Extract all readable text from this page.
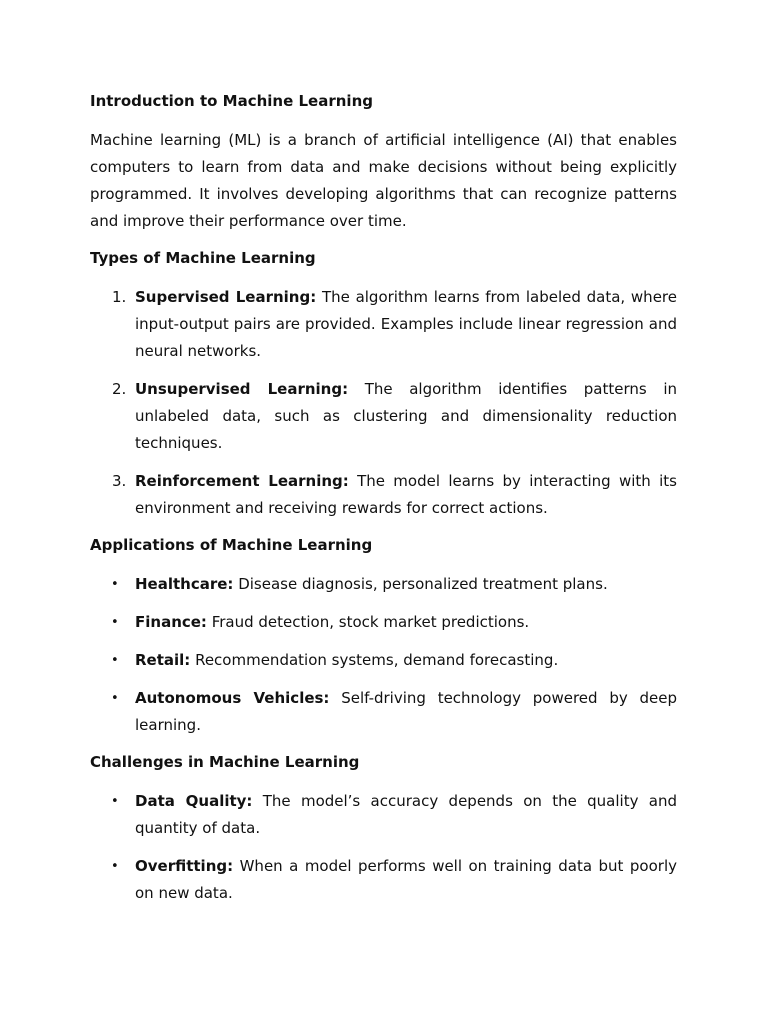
Introduction to Machine Learning

Machine learning (ML) is a branch of artificial intelligence (AI) that enables computers to learn from data and make decisions without being explicitly programmed. It involves developing algorithms that can recognize patterns and improve their performance over time.

Types of Machine Learning
1. Supervised Learning: The algorithm learns from labeled data, where input-output pairs are provided. Examples include linear regression and neural networks.
2. Unsupervised Learning: The algorithm identifies patterns in unlabeled data, such as clustering and dimensionality reduction techniques.
3. Reinforcement Learning: The model learns by interacting with its environment and receiving rewards for correct actions.
Applications of Machine Learning
• Healthcare: Disease diagnosis, personalized treatment plans.
• Finance: Fraud detection, stock market predictions.
• Retail: Recommendation systems, demand forecasting.
• Autonomous Vehicles: Self-driving technology powered by deep learning.
Challenges in Machine Learning
• Data Quality: The model’s accuracy depends on the quality and quantity of data.
• Overfitting: When a model performs well on training data but poorly on new data.
